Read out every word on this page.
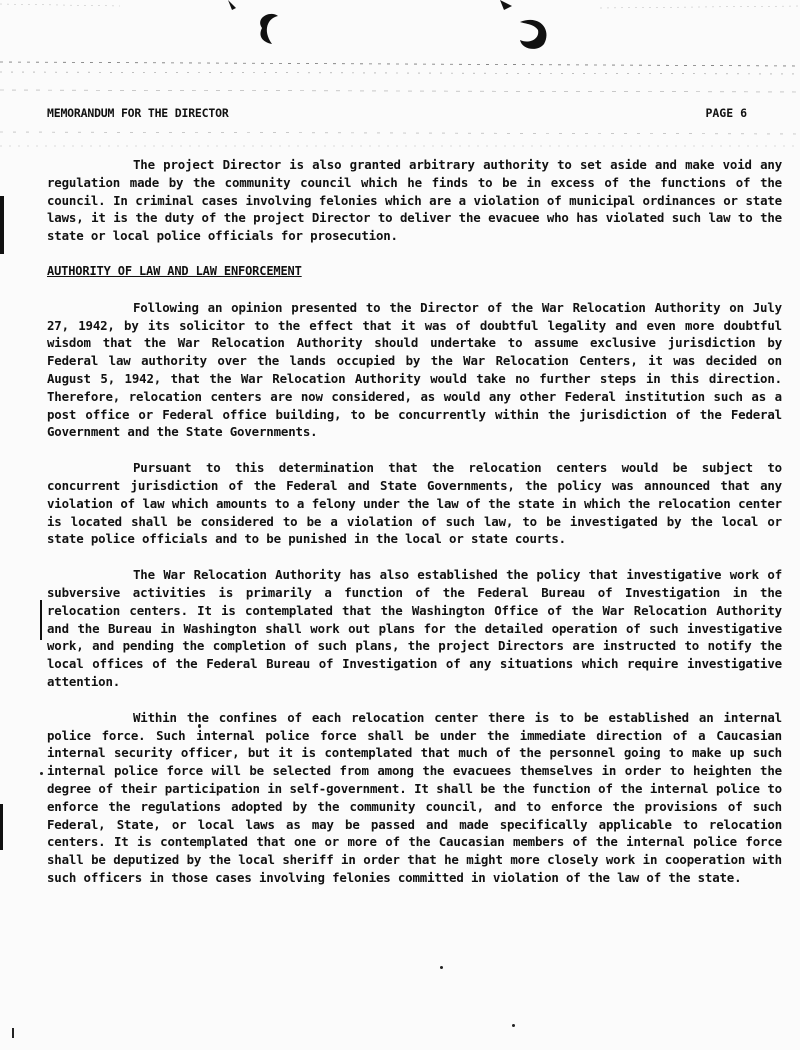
MEMORANDUM FOR THE DIRECTOR	PAGE 6

The project Director is also granted arbitrary authority to set aside and make void any regulation made by the community council which he finds to be in excess of the functions of the council. In criminal cases involving felonies which are a violation of municipal ordinances or state laws, it is the duty of the project Director to deliver the evacuee who has violated such law to the state or local police officials for prosecution.

AUTHORITY OF LAW AND LAW ENFORCEMENT

Following an opinion presented to the Director of the War Relocation Authority on July 27, 1942, by its solicitor to the effect that it was of doubtful legality and even more doubtful wisdom that the War Relocation Authority should undertake to assume exclusive jurisdiction by Federal law authority over the lands occupied by the War Relocation Centers, it was decided on August 5, 1942, that the War Relocation Authority would take no further steps in this direction. Therefore, relocation centers are now considered, as would any other Federal institution such as a post office or Federal office building, to be concurrently within the jurisdiction of the Federal Government and the State Governments.

Pursuant to this determination that the relocation centers would be subject to concurrent jurisdiction of the Federal and State Governments, the policy was announced that any violation of law which amounts to a felony under the law of the state in which the relocation center is located shall be considered to be a violation of such law, to be investigated by the local or state police officials and to be punished in the local or state courts.

The War Relocation Authority has also established the policy that investigative work of subversive activities is primarily a function of the Federal Bureau of Investigation in the relocation centers. It is contemplated that the Washington Office of the War Relocation Authority and the Bureau in Washington shall work out plans for the detailed operation of such investigative work, and pending the completion of such plans, the project Directors are instructed to notify the local offices of the Federal Bureau of Investigation of any situations which require investigative attention.

Within the confines of each relocation center there is to be established an internal police force. Such internal police force shall be under the immediate direction of a Caucasian internal security officer, but it is contemplated that much of the personnel going to make up such internal police force will be selected from among the evacuees themselves in order to heighten the degree of their participation in self-government. It shall be the function of the internal police to enforce the regulations adopted by the community council, and to enforce the provisions of such Federal, State, or local laws as may be passed and made specifically applicable to relocation centers. It is contemplated that one or more of the Caucasian members of the internal police force shall be deputized by the local sheriff in order that he might more closely work in cooperation with such officers in those cases involving felonies committed in violation of the law of the state.
